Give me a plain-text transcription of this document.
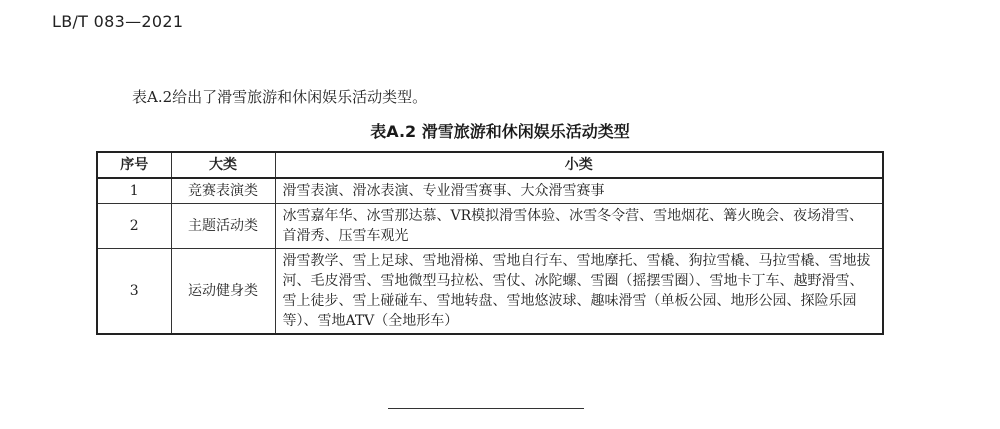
LB/T 083—2021
表A.2给出了滑雪旅游和休闲娱乐活动类型。
表A.2 滑雪旅游和休闲娱乐活动类型
序号	大类	小类
1	竞赛表演类	滑雪表演、滑冰表演、专业滑雪赛事、大众滑雪赛事
2	主题活动类	冰雪嘉年华、冰雪那达慕、VR模拟滑雪体验、冰雪冬令营、雪地烟花、篝火晚会、夜场滑雪、首滑秀、压雪车观光
3	运动健身类	滑雪教学、雪上足球、雪地滑梯、雪地自行车、雪地摩托、雪橇、狗拉雪橇、马拉雪橇、雪地拔河、毛皮滑雪、雪地微型马拉松、雪仗、冰陀螺、雪圈（摇摆雪圈）、雪地卡丁车、越野滑雪、雪上徒步、雪上碰碰车、雪地转盘、雪地悠波球、趣味滑雪（单板公园、地形公园、探险乐园等）、雪地ATV（全地形车）
